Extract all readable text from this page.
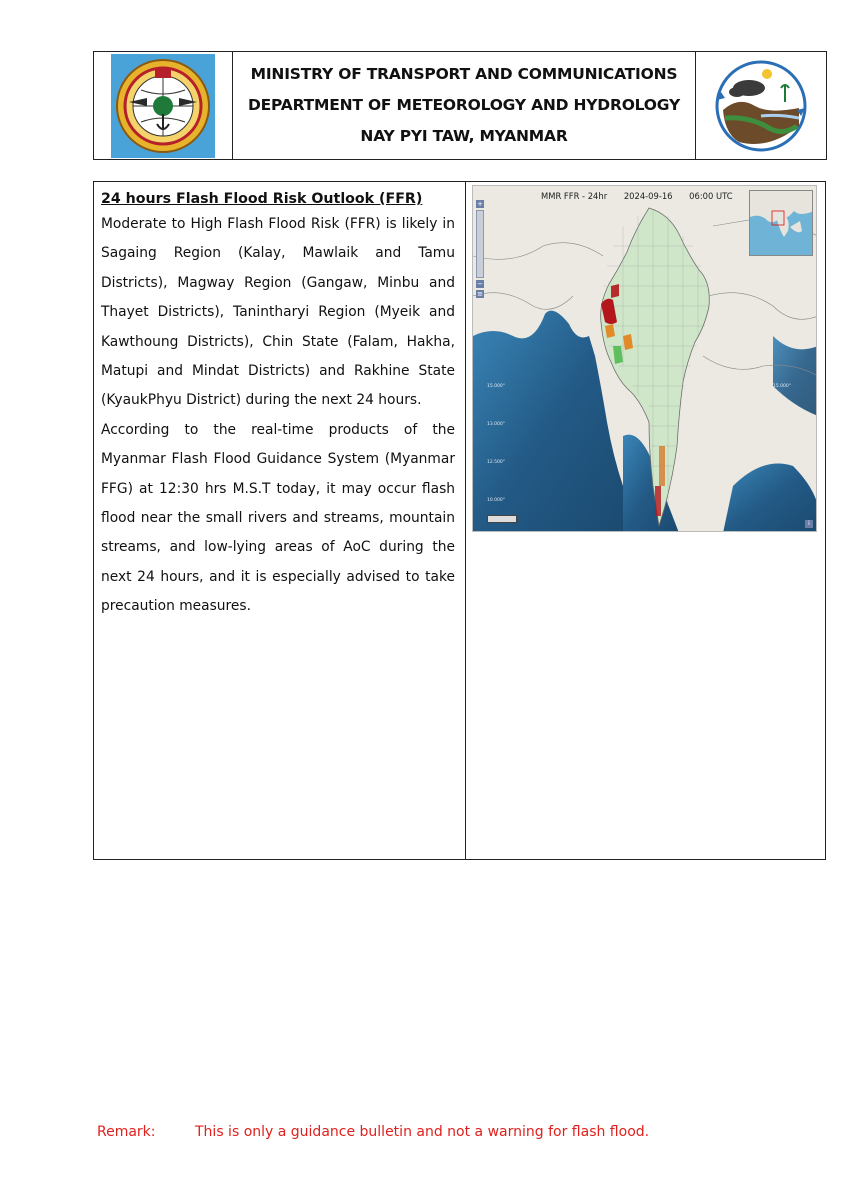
MINISTRY OF TRANSPORT AND COMMUNICATIONS
DEPARTMENT OF METEOROLOGY AND HYDROLOGY
NAY PYI TAW, MYANMAR

24 hours Flash Flood Risk Outlook (FFR)

Moderate to High Flash Flood Risk (FFR) is likely in Sagaing Region (Kalay, Mawlaik and Tamu Districts), Magway Region (Gangaw, Minbu and Thayet Districts), Tanintharyi Region (Myeik and Kawthoung Districts), Chin State (Falam, Hakha, Matupi and Mindat Districts) and Rakhine State (KyaukPhyu District) during the next 24 hours.

According to the real-time products of the Myanmar Flash Flood Guidance System (Myanmar FFG) at 12:30 hrs M.S.T today, it may occur flash flood near the small rivers and streams, mountain streams, and low-lying areas of AoC during the next 24 hours, and it is especially advised to take precaution measures.

MMR FFR - 24hr 2024-09-16 06:00 UTC
+
−
≡
15.000°
13.000°
12.500°
10.000°
15.000°
i
Remark:	This is only a guidance bulletin and not a warning for flash flood.
